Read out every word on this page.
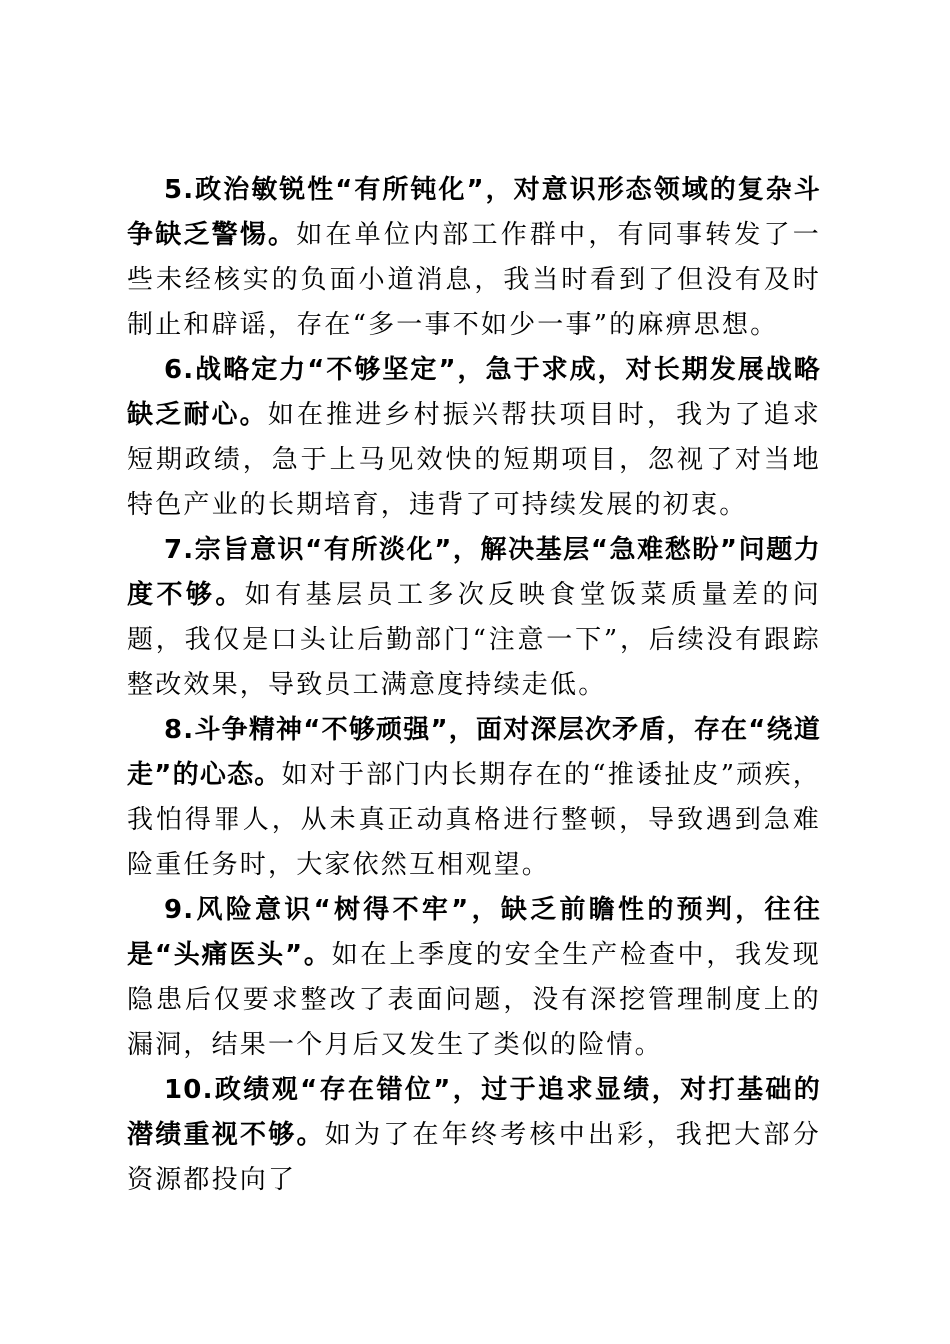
5.政治敏锐性“有所钝化”，对意识形态领域的复杂斗争缺乏警惕。如在单位内部工作群中，有同事转发了一些未经核实的负面小道消息，我当时看到了但没有及时制止和辟谣，存在“多一事不如少一事”的麻痹思想。

6.战略定力“不够坚定”，急于求成，对长期发展战略缺乏耐心。如在推进乡村振兴帮扶项目时，我为了追求短期政绩，急于上马见效快的短期项目，忽视了对当地特色产业的长期培育，违背了可持续发展的初衷。

7.宗旨意识“有所淡化”，解决基层“急难愁盼”问题力度不够。如有基层员工多次反映食堂饭菜质量差的问题，我仅是口头让后勤部门“注意一下”，后续没有跟踪整改效果，导致员工满意度持续走低。

8.斗争精神“不够顽强”，面对深层次矛盾，存在“绕道走”的心态。如对于部门内长期存在的“推诿扯皮”顽疾，我怕得罪人，从未真正动真格进行整顿，导致遇到急难险重任务时，大家依然互相观望。

9.风险意识“树得不牢”，缺乏前瞻性的预判，往往是“头痛医头”。如在上季度的安全生产检查中，我发现隐患后仅要求整改了表面问题，没有深挖管理制度上的漏洞，结果一个月后又发生了类似的险情。

10.政绩观“存在错位”，过于追求显绩，对打基础的潜绩重视不够。如为了在年终考核中出彩，我把大部分资源都投向了
